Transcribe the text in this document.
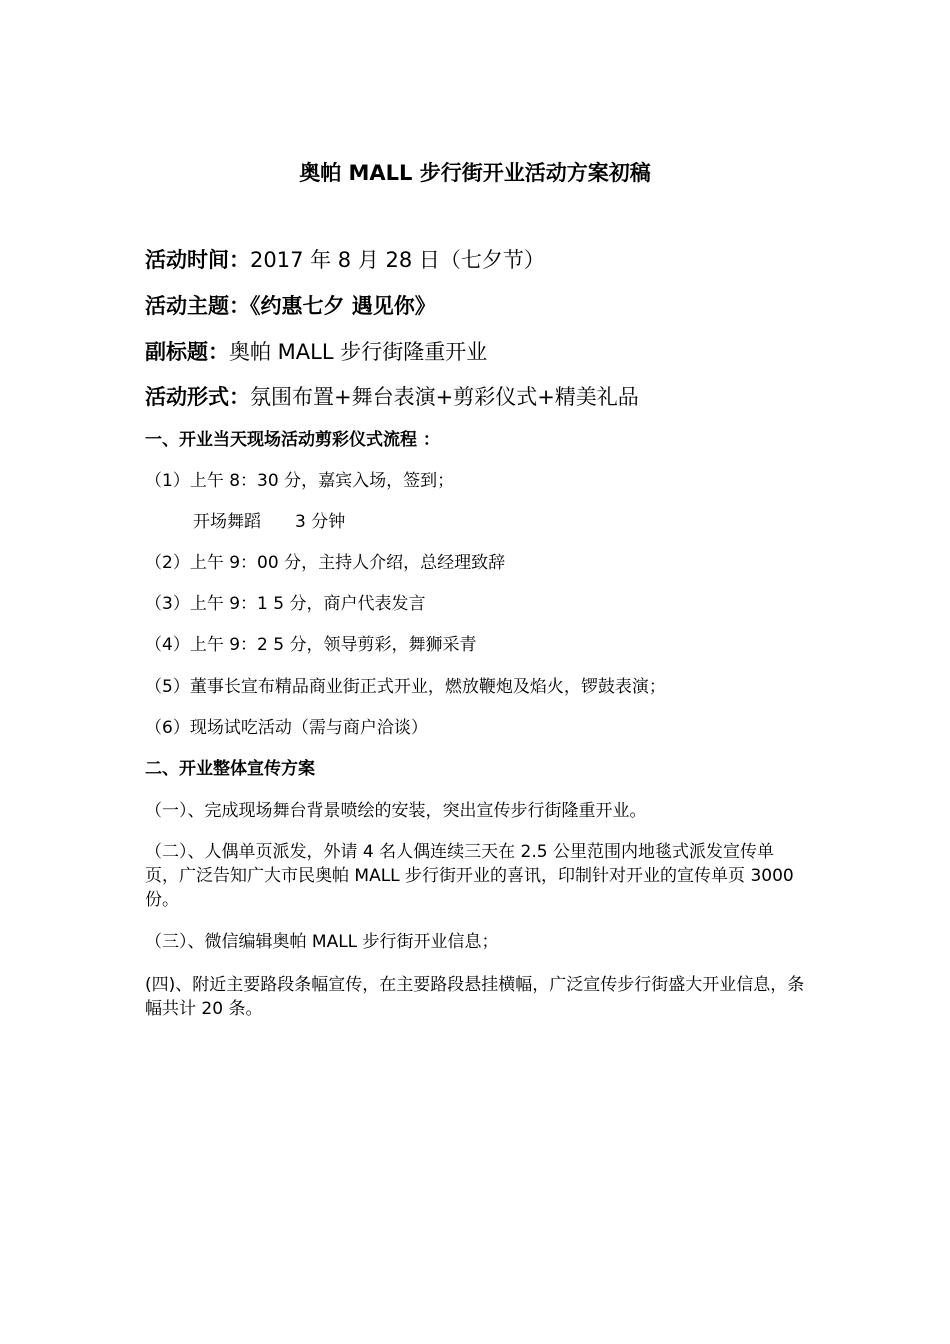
奥帕 MALL 步行街开业活动方案初稿
活动时间：2017 年 8 月 28 日（七夕节）
活动主题：《约惠七夕 遇见你》
副标题：奥帕 MALL 步行街隆重开业
活动形式：氛围布置+舞台表演+剪彩仪式+精美礼品
一、开业当天现场活动剪彩仪式流程 ：
（1）上午 8：30 分，嘉宾入场，签到；
开场舞蹈 3 分钟
（2）上午 9：00 分，主持人介绍，总经理致辞
（3）上午 9：1 5 分，商户代表发言
（4）上午 9：2 5 分，领导剪彩，舞狮采青
（5）董事长宣布精品商业街正式开业，燃放鞭炮及焰火，锣鼓表演；
（6）现场试吃活动（需与商户洽谈）
二、开业整体宣传方案
（一）、完成现场舞台背景喷绘的安装，突出宣传步行街隆重开业。
（二）、人偶单页派发，外请 4 名人偶连续三天在 2.5 公里范围内地毯式派发宣传单页，广泛告知广大市民奥帕 MALL 步行街开业的喜讯，印制针对开业的宣传单页 3000 份。
（三）、微信编辑奥帕 MALL 步行街开业信息；
(四)、附近主要路段条幅宣传，在主要路段悬挂横幅，广泛宣传步行街盛大开业信息，条幅共计 20 条。
